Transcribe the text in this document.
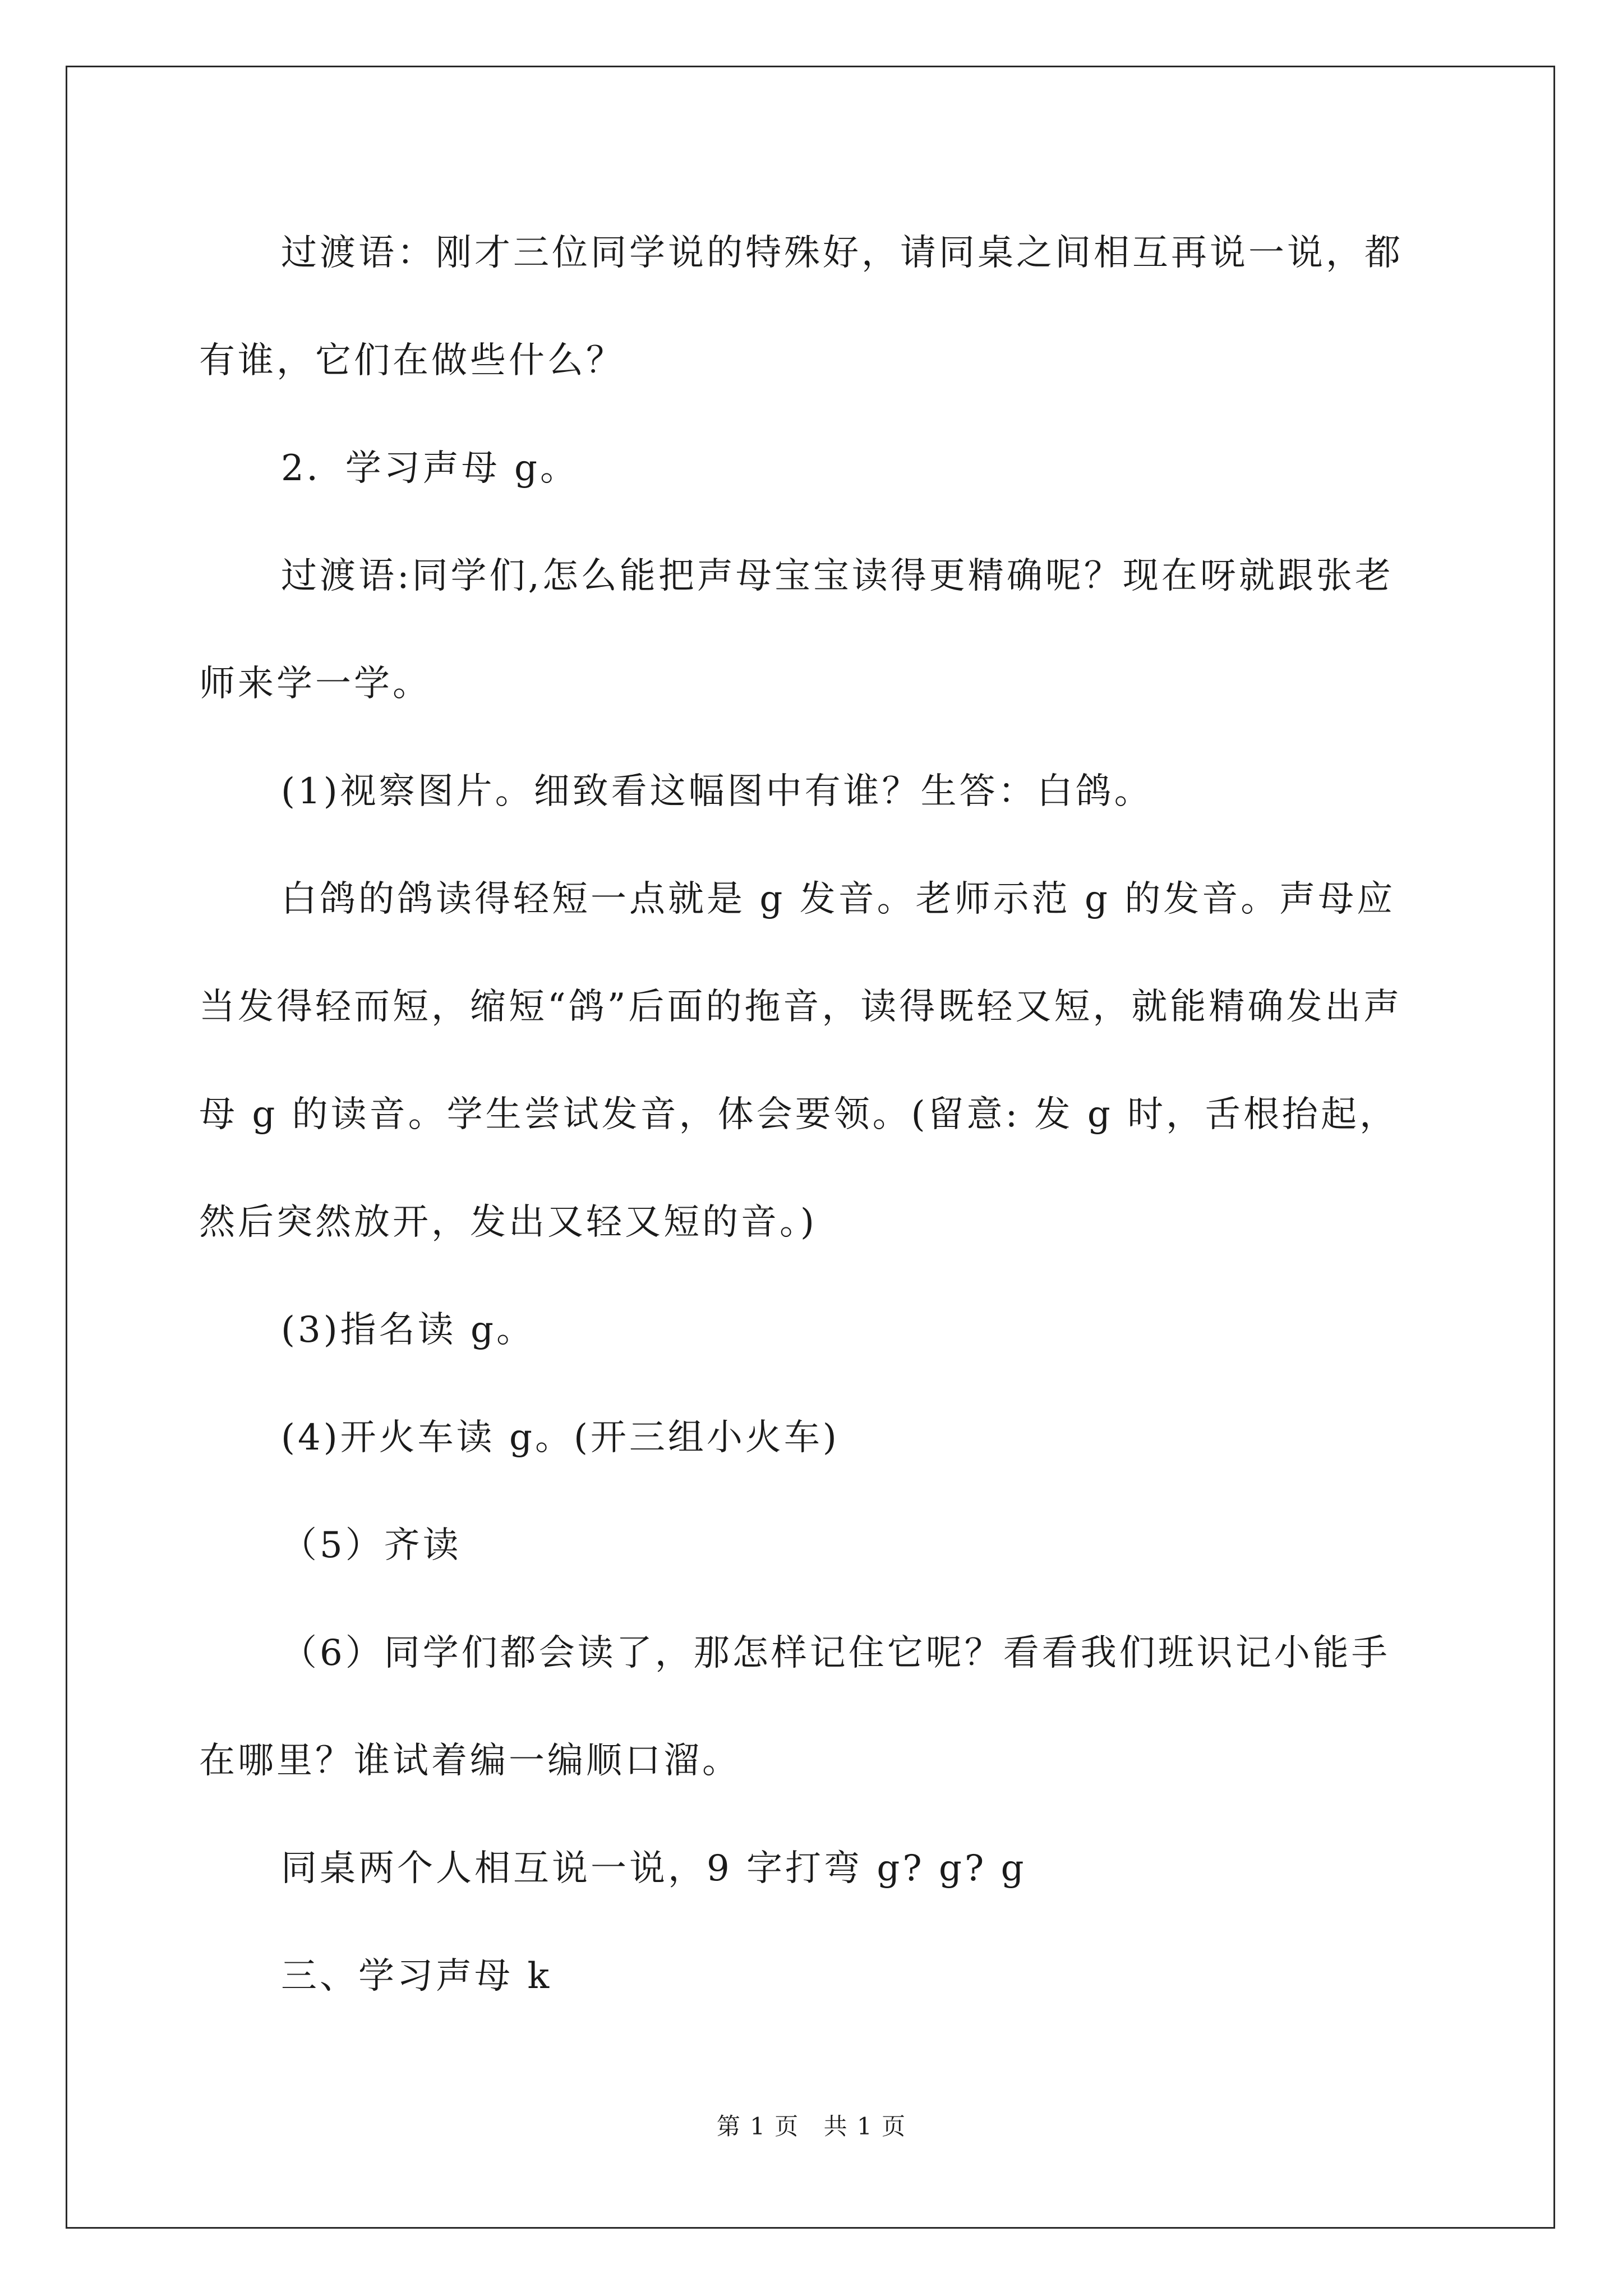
过渡语：刚才三位同学说的特殊好，请同桌之间相互再说一说，都有谁，它们在做些什么？

2．学习声母 g。

过渡语:同学们,怎么能把声母宝宝读得更精确呢？现在呀就跟张老师来学一学。

(1)视察图片。细致看这幅图中有谁？生答：白鸽。

白鸽的鸽读得轻短一点就是 g 发音。老师示范 g 的发音。声母应当发得轻而短，缩短“鸽”后面的拖音，读得既轻又短，就能精确发出声母 g 的读音。学生尝试发音，体会要领。(留意: 发 g 时，舌根抬起，然后突然放开，发出又轻又短的音。)

(3)指名读 g。

(4)开火车读 g。(开三组小火车)

（5）齐读

（6）同学们都会读了，那怎样记住它呢？看看我们班识记小能手在哪里？谁试着编一编顺口溜。

同桌两个人相互说一说，9 字打弯 g? g? g

三、学习声母 k

第 1 页 共 1 页
